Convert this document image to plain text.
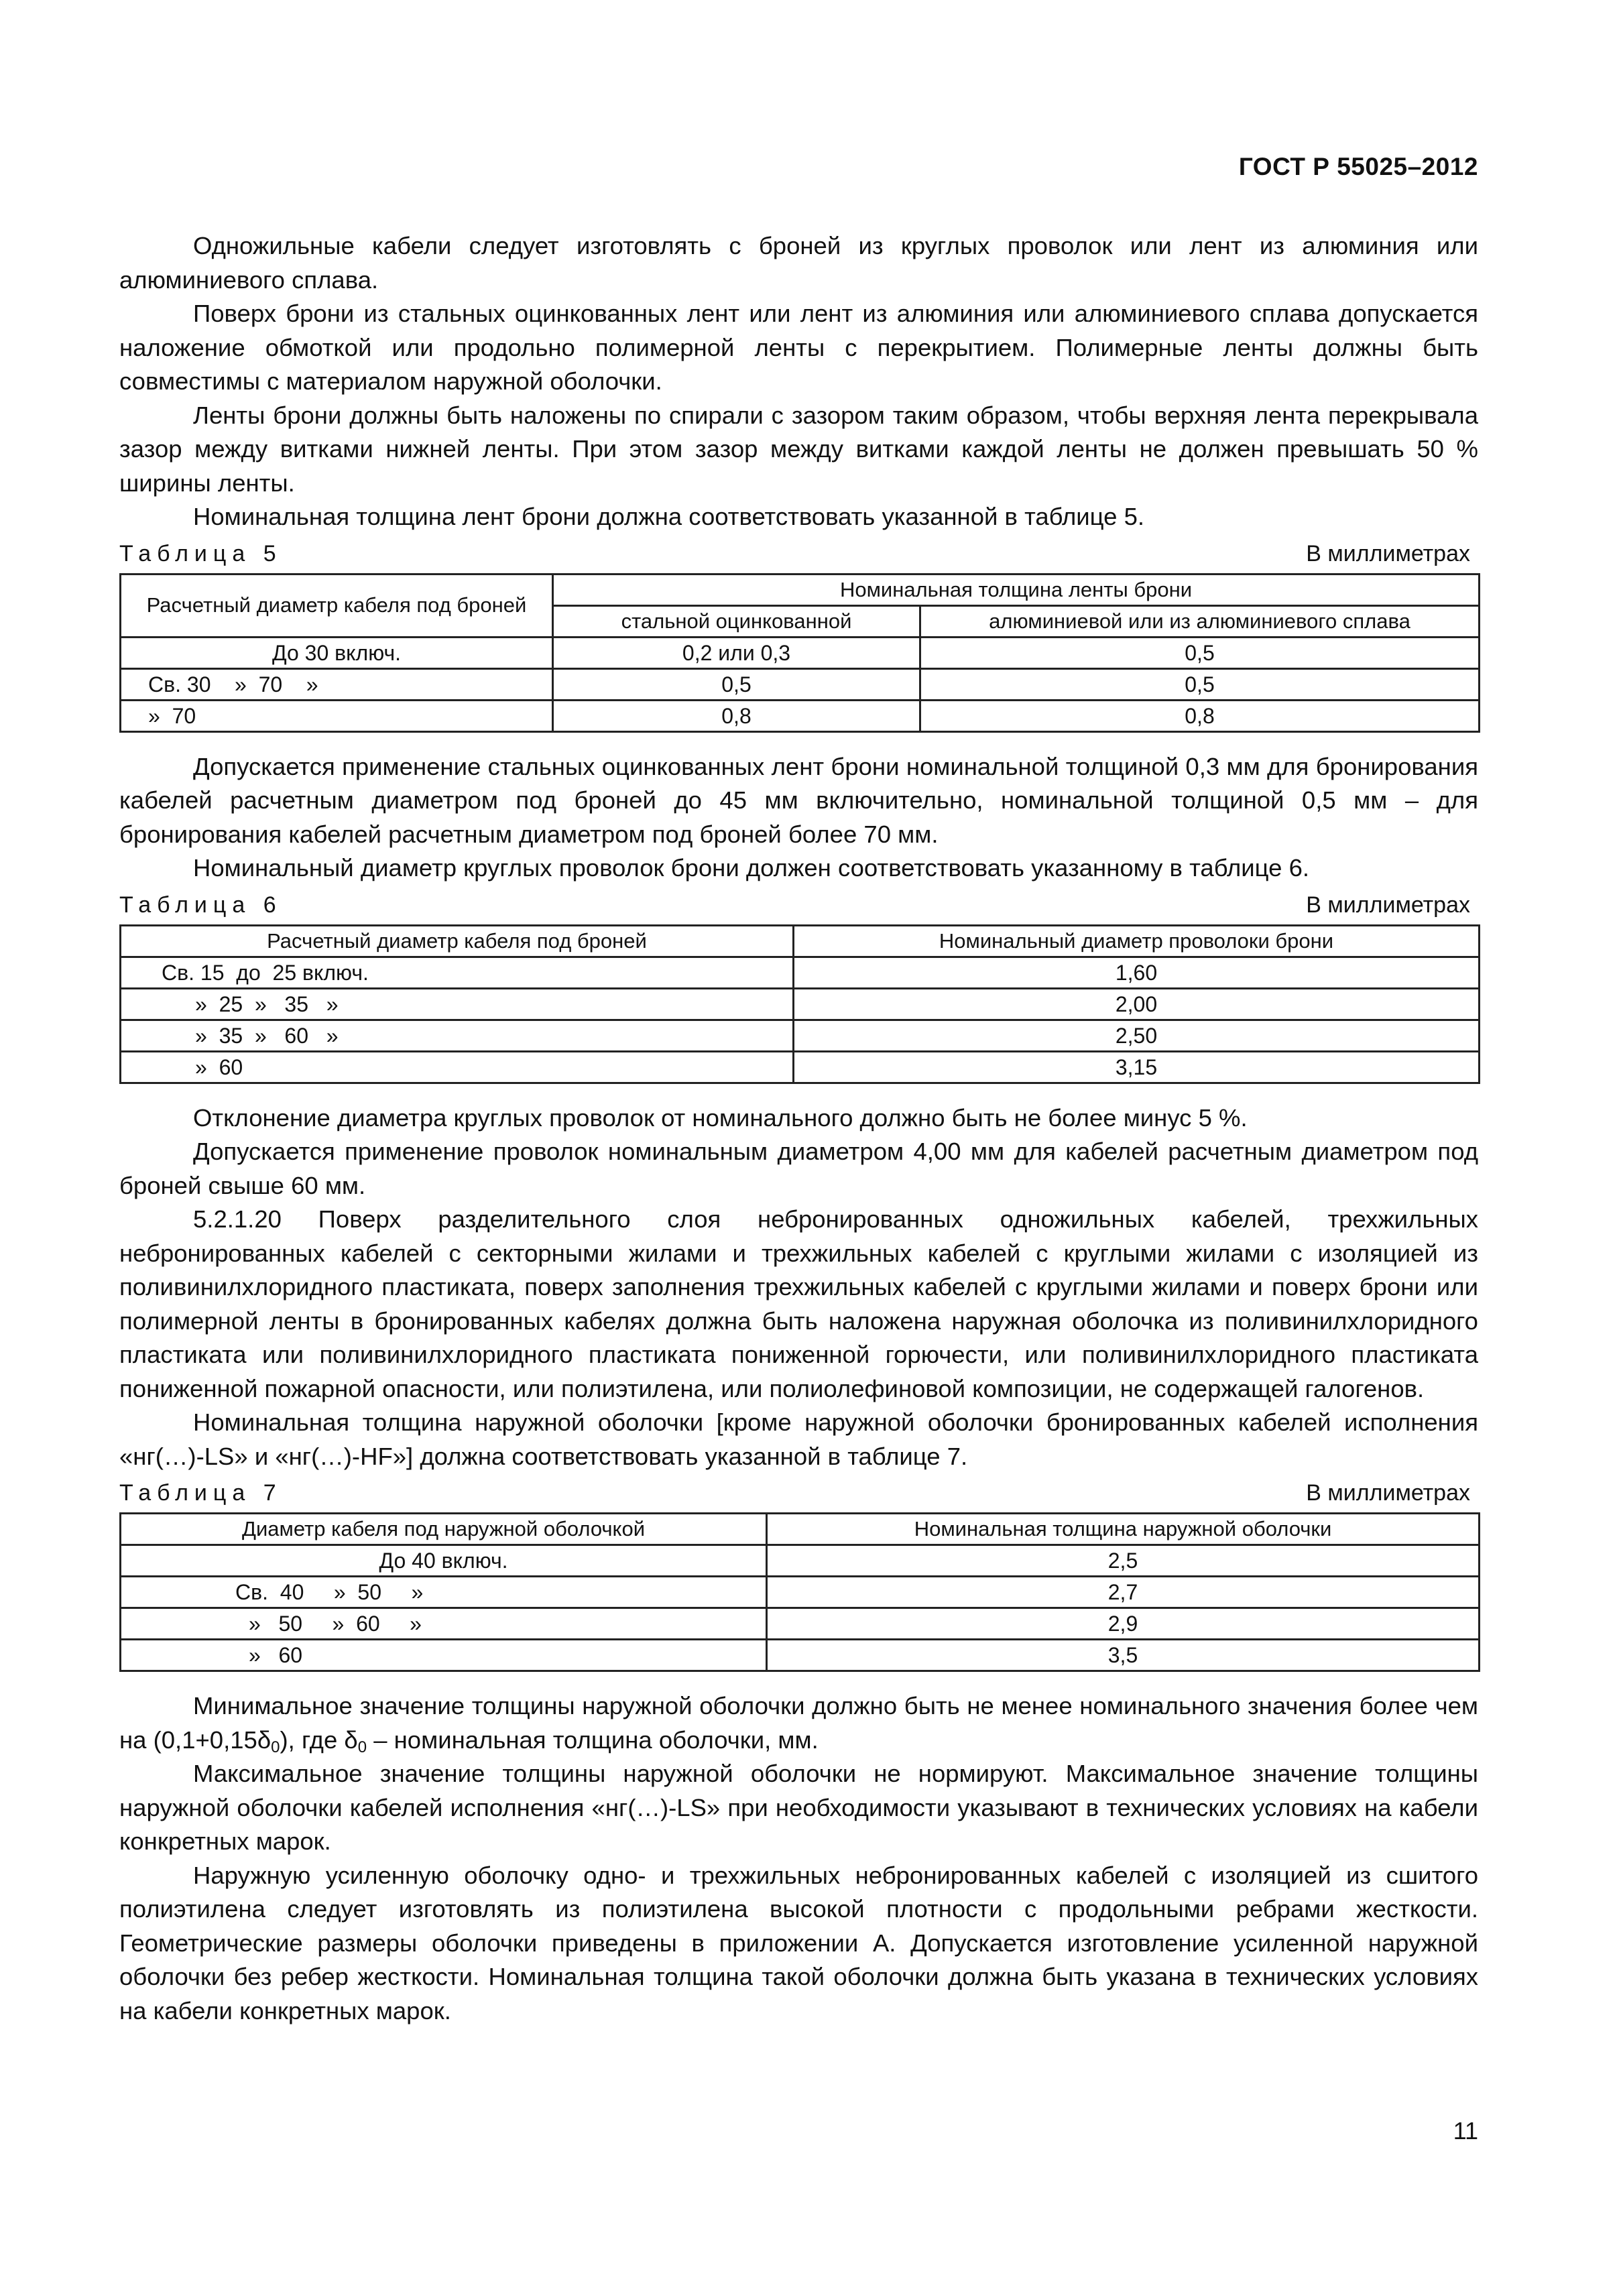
ГОСТ Р 55025–2012

Одножильные кабели следует изготовлять с броней из круглых проволок или лент из алюминия или алюминиевого сплава.

Поверх брони из стальных оцинкованных лент или лент из алюминия или алюминиевого сплава допускается наложение обмоткой или продольно полимерной ленты с перекрытием. Полимерные ленты должны быть совместимы с материалом наружной оболочки.

Ленты брони должны быть наложены по спирали с зазором таким образом, чтобы верхняя лента перекрывала зазор между витками нижней ленты. При этом зазор между витками каждой ленты не должен превышать 50 % ширины ленты.

Номинальная толщина лент брони должна соответствовать указанной в таблице 5.

Таблица 5	В миллиметрах
Расчетный диаметр кабеля под броней	Номинальная толщина ленты брони	
	стальной оцинкованной	алюминиевой или из алюминиевого сплава
До 30 включ.	0,2 или 0,3	0,5
Св. 30    »  70    »	0,5	0,5
»  70	0,8	0,8

Допускается применение стальных оцинкованных лент брони номинальной толщиной 0,3 мм для бронирования кабелей расчетным диаметром под броней до 45 мм включительно, номинальной толщиной 0,5 мм – для бронирования кабелей расчетным диаметром под броней более 70 мм.

Номинальный диаметр круглых проволок брони должен соответствовать указанному в таблице 6.

Таблица 6	В миллиметрах
Расчетный диаметр кабеля под броней	Номинальный диаметр проволоки брони
Св. 15  до  25 включ.	1,60
»  25  »   35   »	2,00
»  35  »   60   »	2,50
»  60	3,15

Отклонение диаметра круглых проволок от номинального должно быть не более минус 5 %.

Допускается применение проволок номинальным диаметром 4,00 мм для кабелей расчетным диаметром под броней свыше 60 мм.

5.2.1.20 Поверх разделительного слоя небронированных одножильных кабелей, трехжильных небронированных кабелей с секторными жилами и трехжильных кабелей с круглыми жилами с изоляцией из поливинилхлоридного пластиката, поверх заполнения трехжильных кабелей с круглыми жилами и поверх брони или полимерной ленты в бронированных кабелях должна быть наложена наружная оболочка из поливинилхлоридного пластиката или поливинилхлоридного пластиката пониженной горючести, или поливинилхлоридного пластиката пониженной пожарной опасности, или полиэтилена, или полиолефиновой композиции, не содержащей галогенов.

Номинальная толщина наружной оболочки [кроме наружной оболочки бронированных кабелей исполнения «нг(…)-LS» и «нг(…)-HF»] должна соответствовать указанной в таблице 7.

Таблица 7	В миллиметрах
Диаметр кабеля под наружной оболочкой	Номинальная толщина наружной оболочки
До 40 включ.	2,5
Св.  40     »  50     »	2,7
»   50     »  60     »	2,9
»   60	3,5

Минимальное значение толщины наружной оболочки должно быть не менее номинального значения более чем на $(0,1+0,15\delta_0)$, где $\delta_0$ – номинальная толщина оболочки, мм.

Максимальное значение толщины наружной оболочки не нормируют. Максимальное значение толщины наружной оболочки кабелей исполнения «нг(…)-LS» при необходимости указывают в технических условиях на кабели конкретных марок.

Наружную усиленную оболочку одно- и трехжильных небронированных кабелей с изоляцией из сшитого полиэтилена следует изготовлять из полиэтилена высокой плотности с продольными ребрами жесткости. Геометрические размеры оболочки приведены в приложении А. Допускается изготовление усиленной наружной оболочки без ребер жесткости. Номинальная толщина такой оболочки должна быть указана в технических условиях на кабели конкретных марок.

11
